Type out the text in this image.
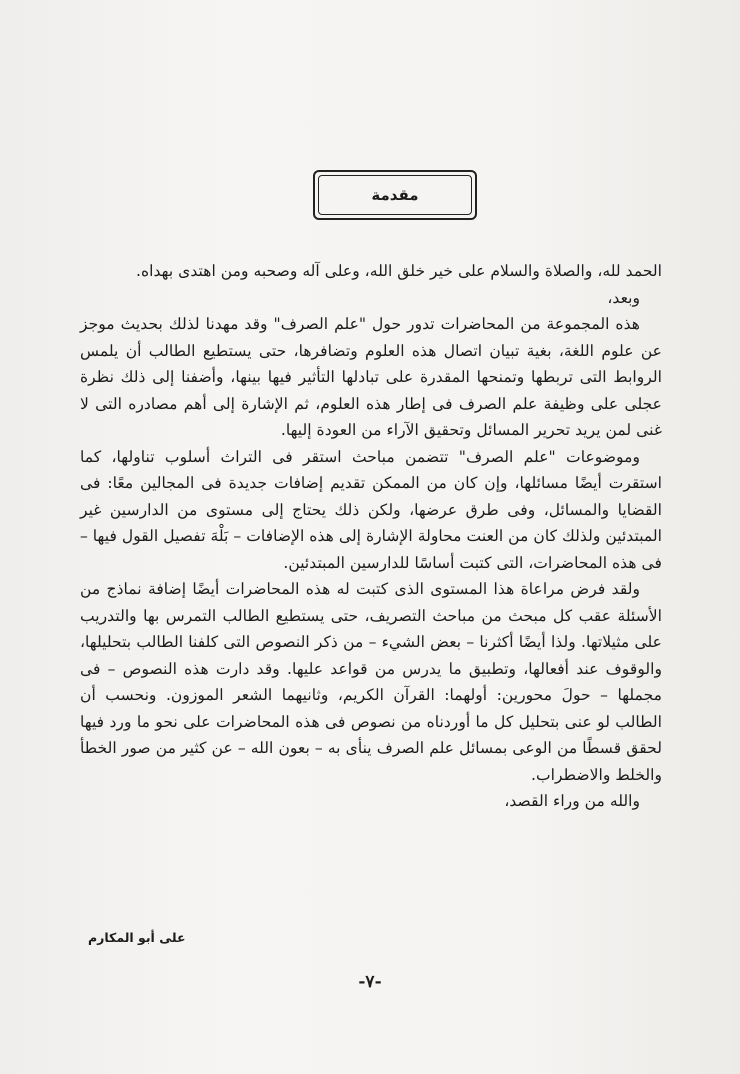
مقدمة

الحمد لله، والصلاة والسلام على خير خلق الله، وعلى آله وصحبه ومن اهتدى بهداه.

وبعد،

هذه المجموعة من المحاضرات تدور حول "علم الصرف" وقد مهدنا لذلك بحديث موجز عن علوم اللغة، بغية تبيان اتصال هذه العلوم وتضافرها، حتى يستطيع الطالب أن يلمس الروابط التى تربطها وتمنحها المقدرة على تبادلها التأثير فيها بينها، وأضفنا إلى ذلك نظرة عجلى على وظيفة علم الصرف فى إطار هذه العلوم، ثم الإشارة إلى أهم مصادره التى لا غنى لمن يريد تحرير المسائل وتحقيق الآراء من العودة إليها.

وموضوعات "علم الصرف" تتضمن مباحث استقر فى التراث أسلوب تناولها، كما استقرت أيضًا مسائلها، وإن كان من الممكن تقديم إضافات جديدة فى المجالين معًا: فى القضايا والمسائل، وفى طرق عرضها، ولكن ذلك يحتاج إلى مستوى من الدارسين غير المبتدئين ولذلك كان من العنت محاولة الإشارة إلى هذه الإضافات – بَلْهَ تفصيل القول فيها – فى هذه المحاضرات، التى كتبت أساسًا للدارسين المبتدئين.

ولقد فرض مراعاة هذا المستوى الذى كتبت له هذه المحاضرات أيضًا إضافة نماذج من الأسئلة عقب كل مبحث من مباحث التصريف، حتى يستطيع الطالب التمرس بها والتدريب على مثيلاتها. ولذا أيضًا أكثرنا – بعض الشيء – من ذكر النصوص التى كلفنا الطالب بتحليلها، والوقوف عند أفعالها، وتطبيق ما يدرس من قواعد عليها. وقد دارت هذه النصوص – فى مجملها – حولَ محورين: أولهما: القرآن الكريم، وثانيهما الشعر الموزون. ونحسب أن الطالب لو عنى بتحليل كل ما أوردناه من نصوص فى هذه المحاضرات على نحو ما ورد فيها لحقق قسطًا من الوعى بمسائل علم الصرف ينأى به – بعون الله – عن كثير من صور الخطأ والخلط والاضطراب.

والله من وراء القصد،

على أبو المكارم
-٧-
